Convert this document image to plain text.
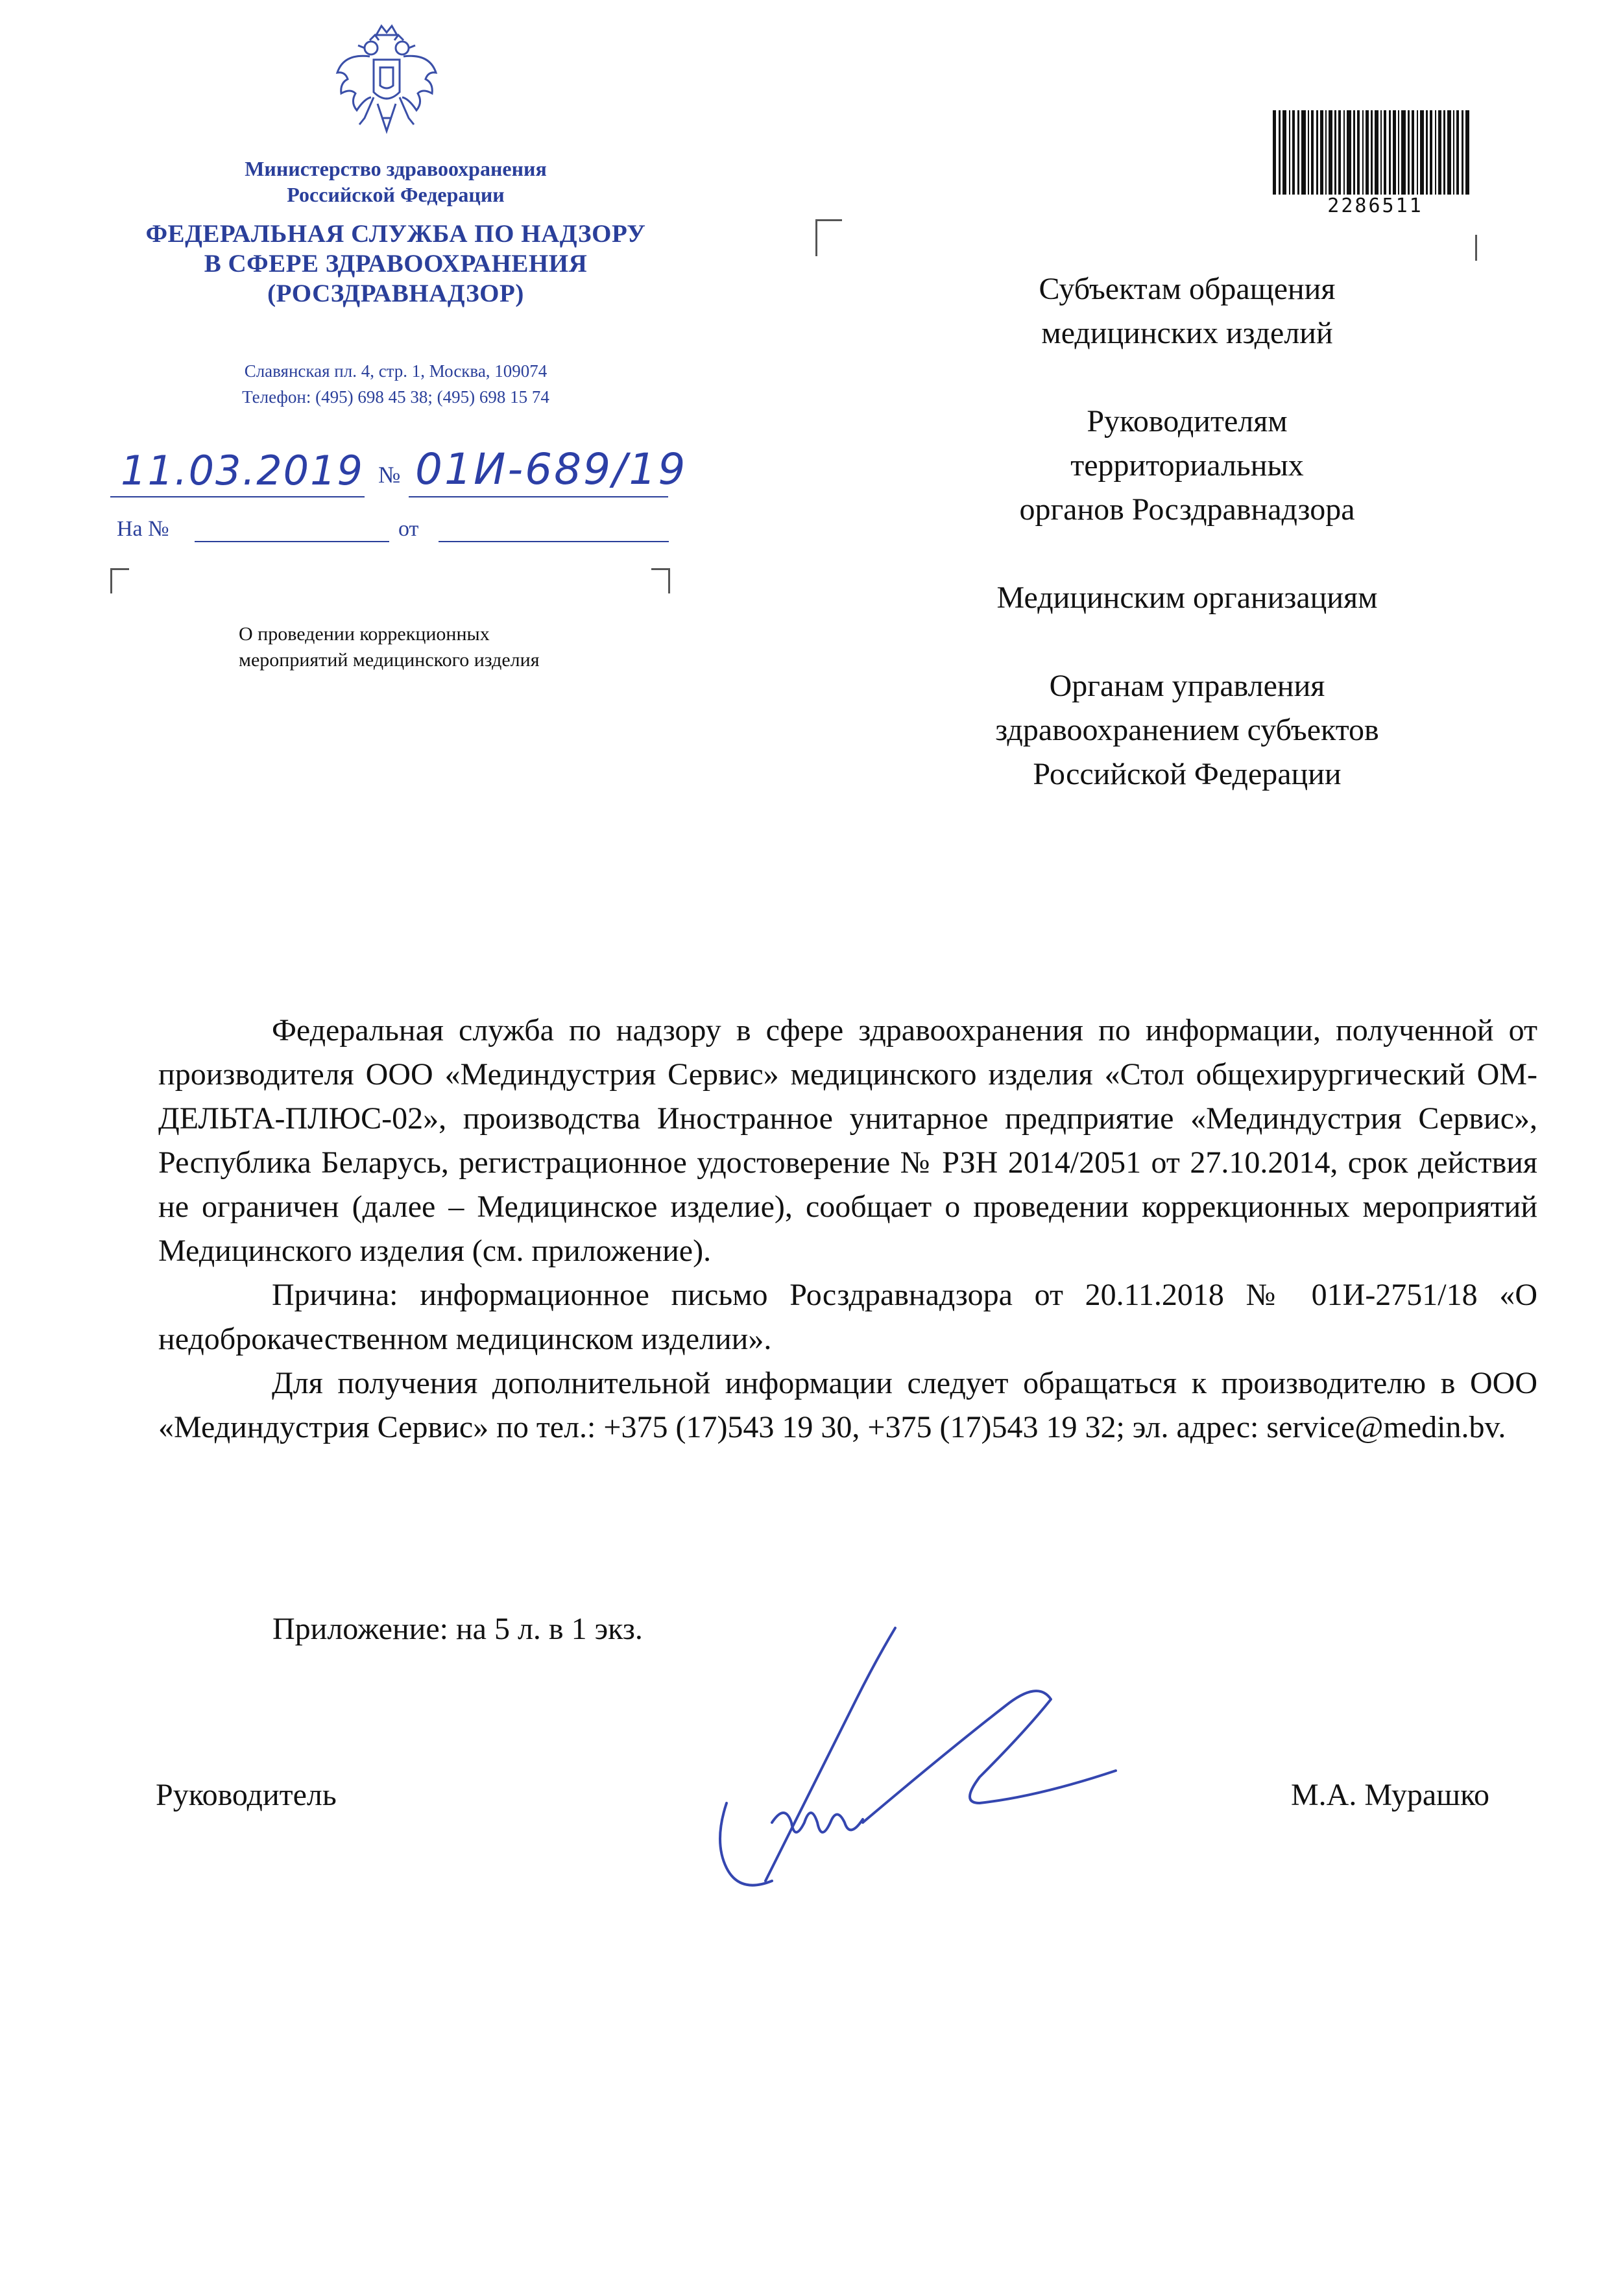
Министерство здравоохранения
Российской Федерации
ФЕДЕРАЛЬНАЯ СЛУЖБА ПО НАДЗОРУ
В СФЕРЕ ЗДРАВООХРАНЕНИЯ
(РОСЗДРАВНАДЗОР)
Славянская пл. 4, стр. 1, Москва, 109074
Телефон: (495) 698 45 38; (495) 698 15 74
11.03.2019 № 01И-689/19
На №	от
О проведении коррекционных
мероприятий медицинского изделия
2286511
Субъектам обращения
медицинских изделий
Руководителям
территориальных
органов Росздравнадзора
Медицинским организациям
Органам управления
здравоохранением субъектов
Российской Федерации

Федеральная служба по надзору в сфере здравоохранения по информации, полученной от производителя ООО «Мединдустрия Сервис» медицинского изделия «Стол общехирургический ОМ-ДЕЛЬТА-ПЛЮС-02», производства Иностранное унитарное предприятие «Мединдустрия Сервис», Республика Беларусь, регистрационное удостоверение № РЗН 2014/2051 от 27.10.2014, срок действия не ограничен (далее – Медицинское изделие), сообщает о проведении коррекционных мероприятий Медицинского изделия (см. приложение).

Причина: информационное письмо Росздравнадзора от 20.11.2018 № 01И-2751/18 «О недоброкачественном медицинском изделии».

Для получения дополнительной информации следует обращаться к производителю в ООО «Мединдустрия Сервис» по тел.: +375 (17)543 19 30, +375 (17)543 19 32; эл. адрес: service@medin.bv.

Приложение: на 5 л. в 1 экз.
Руководитель	М.А. Мурашко
